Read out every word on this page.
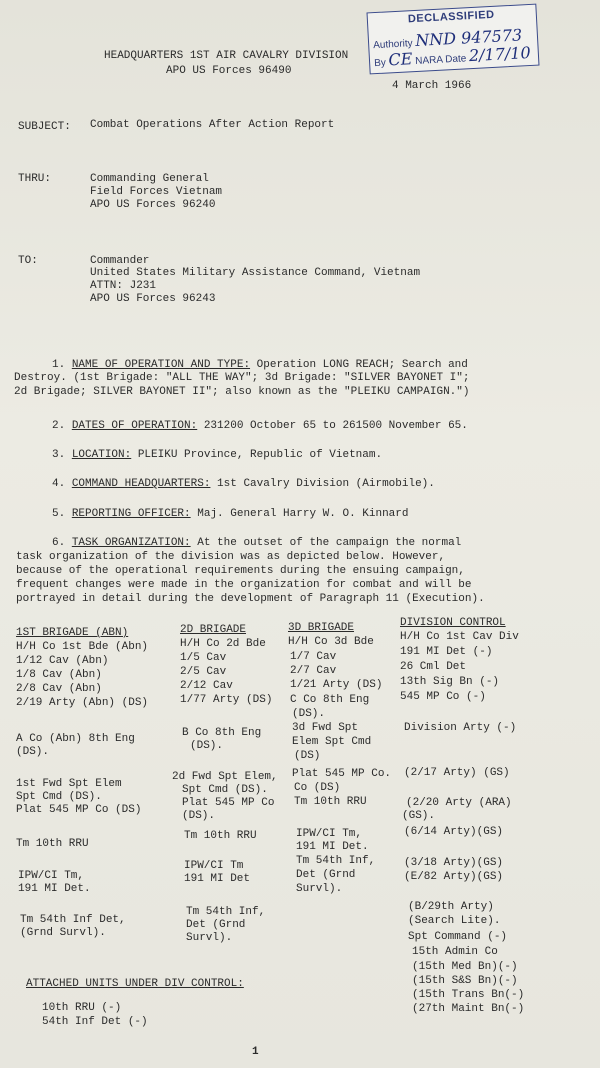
DECLASSIFIED
Authority NND 947573
By CE NARA Date 2/17/10
HEADQUARTERS 1ST AIR CAVALRY DIVISION
APO US Forces 96490
4 March 1966
SUBJECT: Combat Operations After Action Report
THRU:	Commanding General
Field Forces Vietnam
APO US Forces 96240
TO:	Commander
United States Military Assistance Command, Vietnam
ATTN: J231
APO US Forces 96243
1. NAME OF OPERATION AND TYPE: Operation LONG REACH; Search and
Destroy. (1st Brigade: "ALL THE WAY"; 3d Brigade: "SILVER BAYONET I";
2d Brigade; SILVER BAYONET II"; also known as the "PLEIKU CAMPAIGN.")
2. DATES OF OPERATION: 231200 October 65 to 261500 November 65.
3. LOCATION: PLEIKU Province, Republic of Vietnam.
4. COMMAND HEADQUARTERS: 1st Cavalry Division (Airmobile).
5. REPORTING OFFICER: Maj. General Harry W. O. Kinnard
6. TASK ORGANIZATION: At the outset of the campaign the normal
task organization of the division was as depicted below. However,
because of the operational requirements during the ensuing campaign,
frequent changes were made in the organization for combat and will be
portrayed in detail during the development of Paragraph 11 (Execution).
1ST BRIGADE (ABN)
H/H Co 1st Bde (Abn)
1/12 Cav (Abn)
1/8 Cav (Abn)
2/8 Cav (Abn)
2/19 Arty (Abn) (DS)
A Co (Abn) 8th Eng
(DS).
1st Fwd Spt Elem
Spt Cmd (DS).
Plat 545 MP Co (DS)
Tm 10th RRU
IPW/CI Tm,
191 MI Det.
Tm 54th Inf Det,
(Grnd Survl).
2D BRIGADE
H/H Co 2d Bde
1/5 Cav
2/5 Cav
2/12 Cav
1/77 Arty (DS)
B Co 8th Eng
(DS).
2d Fwd Spt Elem,
Spt Cmd (DS).
Plat 545 MP Co
(DS).
Tm 10th RRU
IPW/CI Tm
191 MI Det
Tm 54th Inf,
Det (Grnd
Survl).
3D BRIGADE
H/H Co 3d Bde
1/7 Cav
2/7 Cav
1/21 Arty (DS)
C Co 8th Eng
(DS).
3d Fwd Spt
Elem Spt Cmd
(DS)
Plat 545 MP Co.
Co (DS)
Tm 10th RRU
IPW/CI Tm,
191 MI Det.
Tm 54th Inf,
Det (Grnd
Survl).
DIVISION CONTROL
H/H Co 1st Cav Div
191 MI Det (-)
26 Cml Det
13th Sig Bn (-)
545 MP Co (-)
Division Arty (-)
(2/17 Arty) (GS)
(2/20 Arty (ARA)
(GS).
(6/14 Arty)(GS)
(3/18 Arty)(GS)
(E/82 Arty)(GS)
(B/29th Arty)
(Search Lite).
Spt Command (-)
15th Admin Co
(15th Med Bn)(-)
(15th S&S Bn)(-)
(15th Trans Bn(-)
(27th Maint Bn(-)
ATTACHED UNITS UNDER DIV CONTROL:
10th RRU (-)
54th Inf Det (-)
1
